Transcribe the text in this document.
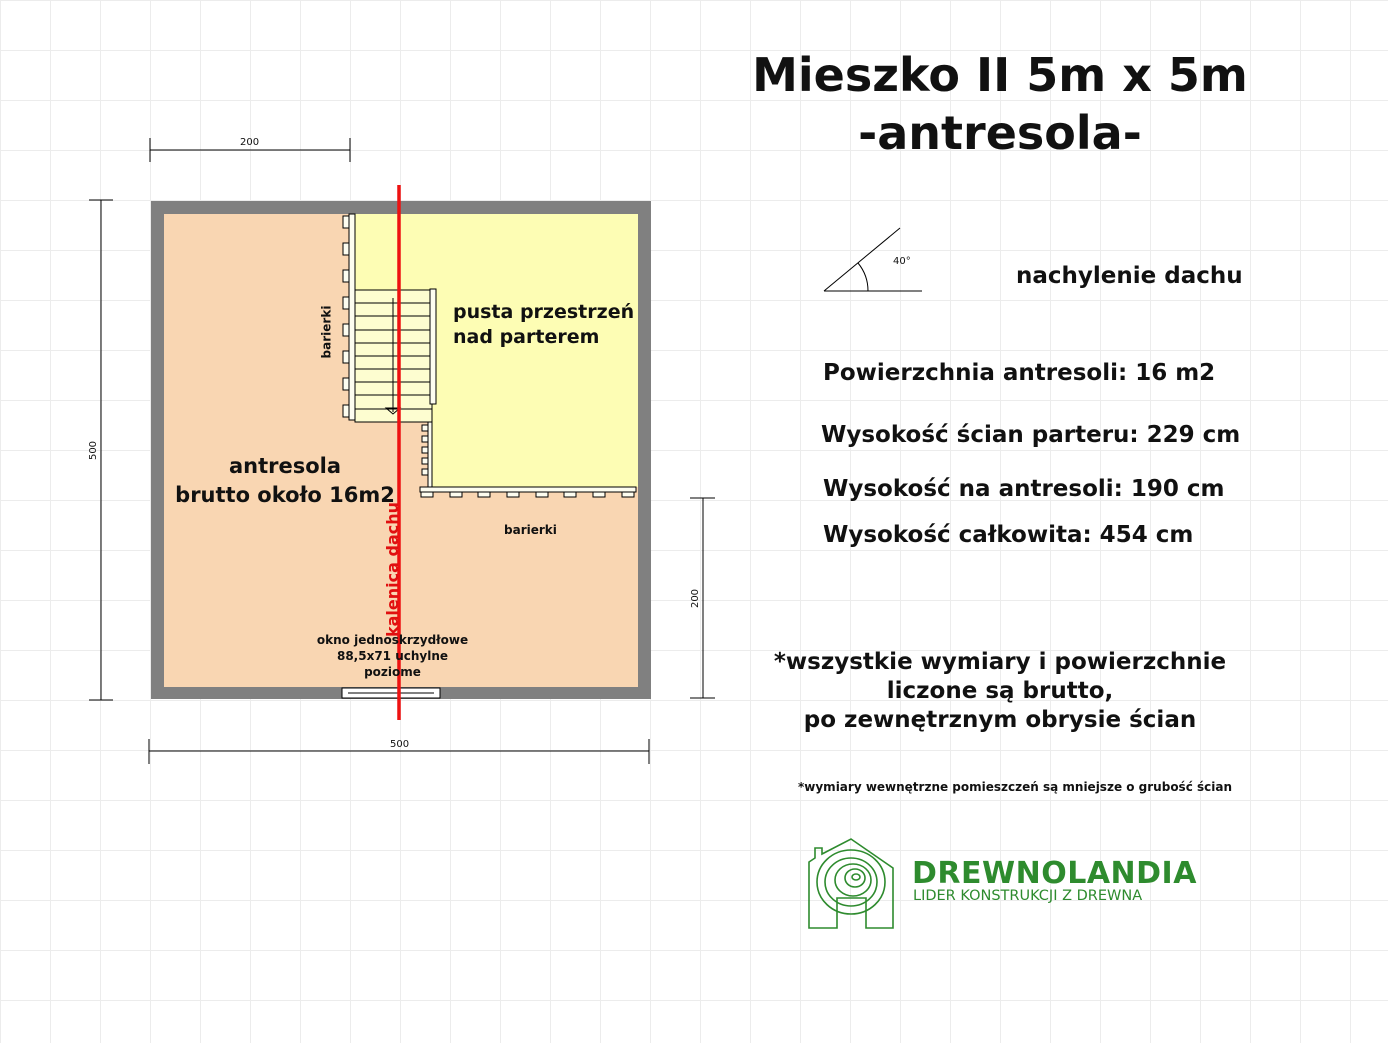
200
500
500
200
pusta przestrzeń
nad parterem
antresola
brutto około 16m2
barierki
barierki
kalenica dachu
okno jednoskrzydłowe
88,5x71 uchylne
poziome
Mieszko II 5m x 5m
-antresola-
40°
nachylenie dachu
Powierzchnia antresoli: 16 m2
Wysokość ścian parteru: 229 cm
Wysokość na antresoli: 190 cm
Wysokość całkowita: 454 cm
*wszystkie wymiary i powierzchnie
liczone są brutto,
po zewnętrznym obrysie ścian
*wymiary wewnętrzne pomieszczeń są mniejsze o grubość ścian
DREWNOLANDIA
LIDER KONSTRUKCJI Z DREWNA
